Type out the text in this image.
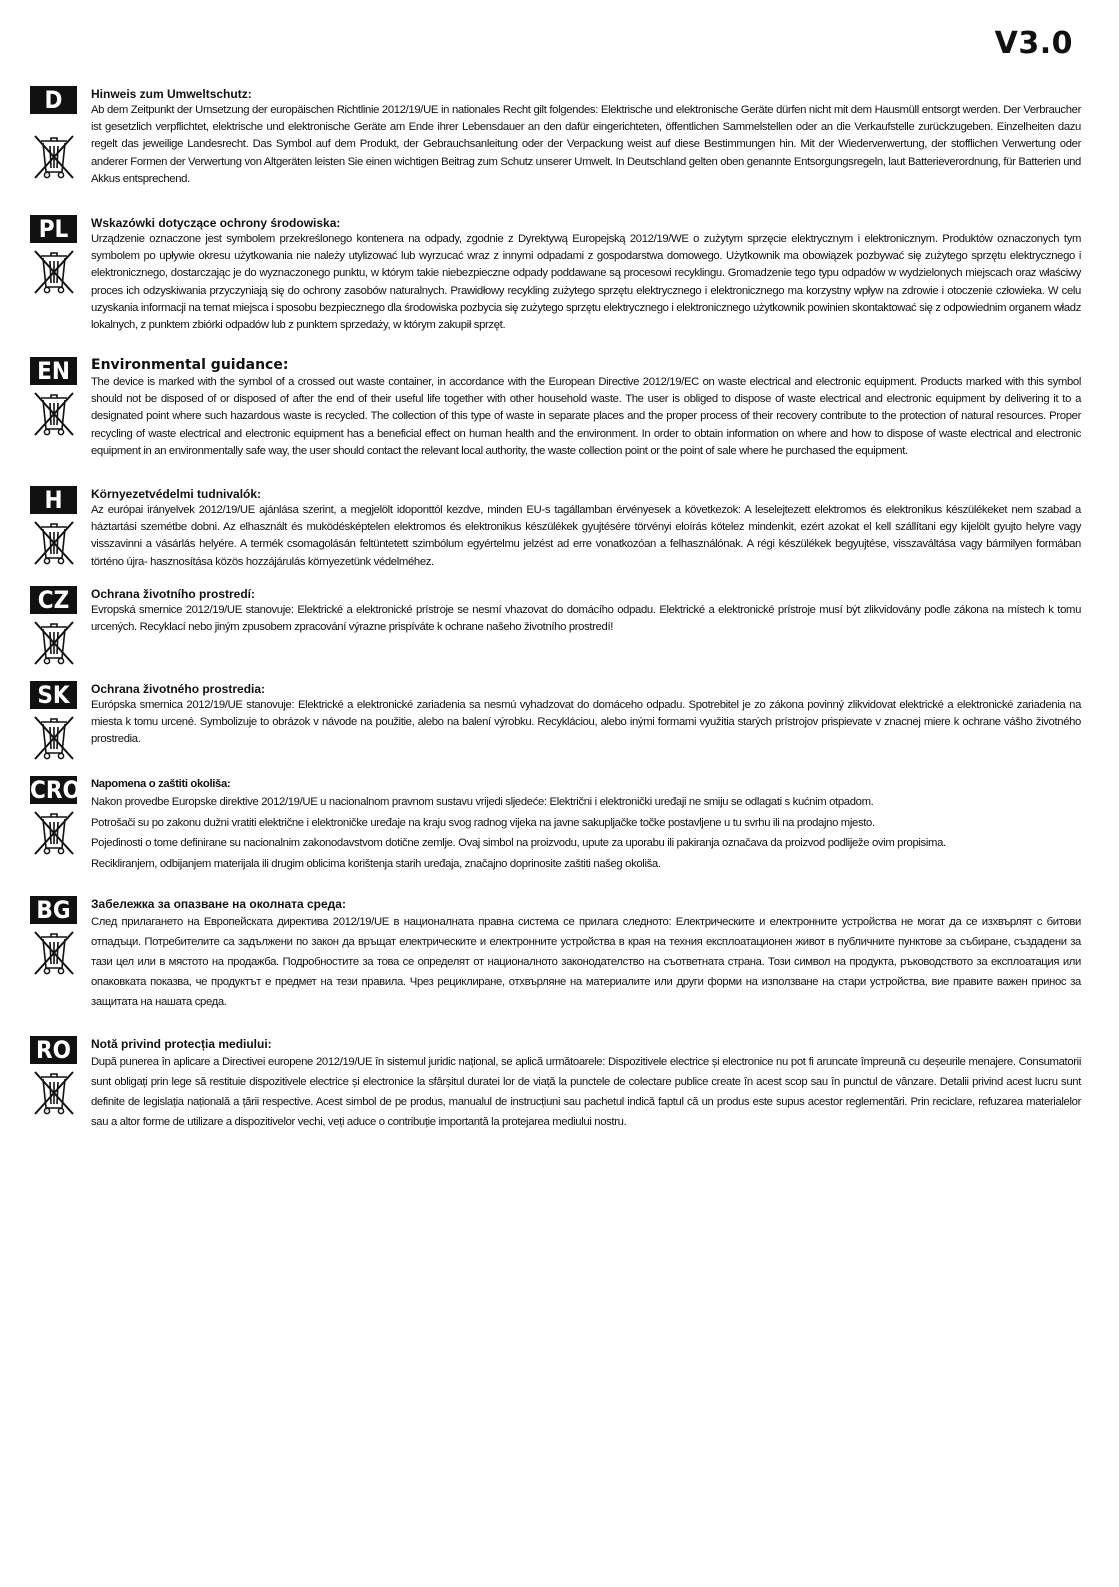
V3.0
D	Hinweis zum Umweltschutz:

Ab dem Zeitpunkt der Umsetzung der europäischen Richtlinie 2012/19/UE in nationales Recht gilt folgendes: Elektrische und elektronische Geräte dürfen nicht mit dem Hausmüll entsorgt werden. Der Verbraucher ist gesetzlich verpflichtet, elektrische und elektronische Geräte am Ende ihrer Lebensdauer an den dafür eingerichteten, öffentlichen Sammelstellen oder an die Verkaufstelle zurückzugeben. Einzelheiten dazu regelt das jeweilige Landesrecht. Das Symbol auf dem Produkt, der Gebrauchsanleitung oder der Verpackung weist auf diese Bestimmungen hin. Mit der Wiederverwertung, der stofflichen Verwertung oder anderer Formen der Verwertung von Altgeräten leisten Sie einen wichtigen Beitrag zum Schutz unserer Umwelt. In Deutschland gelten oben genannte Entsorgungsregeln, laut Batterieverordnung, für Batterien und Akkus entsprechend.

PL	Wskazówki dotyczące ochrony środowiska:

Urządzenie oznaczone jest symbolem przekreślonego kontenera na odpady, zgodnie z Dyrektywą Europejską 2012/19/WE o zużytym sprzęcie elektrycznym i elektronicznym. Produktów oznaczonych tym symbolem po upływie okresu użytkowania nie należy utylizować lub wyrzucać wraz z innymi odpadami z gospodarstwa domowego. Użytkownik ma obowiązek pozbywać się zużytego sprzętu elektrycznego i elektronicznego, dostarczając je do wyznaczonego punktu, w którym takie niebezpieczne odpady poddawane są procesowi recyklingu. Gromadzenie tego typu odpadów w wydzielonych miejscach oraz właściwy proces ich odzyskiwania przyczyniają się do ochrony zasobów naturalnych. Prawidłowy recykling zużytego sprzętu elektrycznego i elektronicznego ma korzystny wpływ na zdrowie i otoczenie człowieka. W celu uzyskania informacji na temat miejsca i sposobu bezpiecznego dla środowiska pozbycia się zużytego sprzętu elektrycznego i elektronicznego użytkownik powinien skontaktować się z odpowiednim organem władz lokalnych, z punktem zbiórki odpadów lub z punktem sprzedaży, w którym zakupił sprzęt.

EN	Environmental guidance:

The device is marked with the symbol of a crossed out waste container, in accordance with the European Directive 2012/19/EC on waste electrical and electronic equipment. Products marked with this symbol should not be disposed of or disposed of after the end of their useful life together with other household waste. The user is obliged to dispose of waste electrical and electronic equipment by delivering it to a designated point where such hazardous waste is recycled. The collection of this type of waste in separate places and the proper process of their recovery contribute to the protection of natural resources. Proper recycling of waste electrical and electronic equipment has a beneficial effect on human health and the environment. In order to obtain information on where and how to dispose of waste electrical and electronic equipment in an environmentally safe way, the user should contact the relevant local authority, the waste collection point or the point of sale where he purchased the equipment.

H	Környezetvédelmi tudnivalók:

Az európai irányelvek 2012/19/UE ajánlása szerint, a megjelölt idoponttól kezdve, minden EU-s tagállamban érvényesek a következok: A leselejtezett elektromos és elektronikus készülékeket nem szabad a háztartási szemétbe dobni. Az elhasznált és muködésképtelen elektromos és elektronikus készülékek gyujtésére törvényi eloírás kötelez mindenkit, ezért azokat el kell szállítani egy kijelölt gyujto helyre vagy visszavinni a vásárlás helyére. A termék csomagolásán feltüntetett szimbólum egyértelmu jelzést ad erre vonatkozóan a felhasználónak. A régi készülékek begyujtése, visszaváltása vagy bármilyen formában történo újra- hasznosítása közös hozzájárulás környezetünk védelméhez.

CZ	Ochrana životního prostredí:

Evropská smernice 2012/19/UE stanovuje: Elektrické a elektronické prístroje se nesmí vhazovat do domácího odpadu. Elektrické a elektronické prístroje musí být zlikvidovány podle zákona na místech k tomu urcených. Recyklací nebo jiným zpusobem zpracování výrazne prispíváte k ochrane našeho životního prostredí!

SK	Ochrana životného prostredia:

Európska smernica 2012/19/UE stanovuje: Elektrické a elektronické zariadenia sa nesmú vyhadzovat do domáceho odpadu. Spotrebitel je zo zákona povinný zlikvidovat elektrické a elektronické zariadenia na miesta k tomu urcené. Symbolizuje to obrázok v návode na použitie, alebo na balení výrobku. Recykláciou, alebo inými formami využitia starých prístrojov prispievate v znacnej miere k ochrane vášho životného prostredia.

CRO Napomena o zaštiti okoliša:

Nakon provedbe Europske direktive 2012/19/UE u nacionalnom pravnom sustavu vrijedi sljedeće: Električni i elektronički uređaji ne smiju se odlagati s kućnim otpadom.

Potrošači su po zakonu dužni vratiti električne i elektroničke uređaje na kraju svog radnog vijeka na javne sakupljačke točke postavljene u tu svrhu ili na prodajno mjesto.

Pojedinosti o tome definirane su nacionalnim zakonodavstvom dotične zemlje. Ovaj simbol na proizvodu, upute za uporabu ili pakiranja označava da proizvod podliježe ovim propisima.

Recikliranjem, odbijanjem materijala ili drugim oblicima korištenja starih uređaja, značajno doprinosite zaštiti našeg okoliša.

BG	Забележка за опазване на околната среда:

След прилагането на Европейската директива 2012/19/UE в националната правна система се прилага следното: Електрическите и електронните устройства не могат да се изхвърлят с битови отпадъци. Потребителите са задължени по закон да връщат електрическите и електронните устройства в края на техния експлоатационен живот в публичните пунктове за събиране, създадени за тази цел или в мястото на продажба. Подробностите за това се определят от националното законодателство на съответната страна. Този символ на продукта, ръководството за експлоатация или опаковката показва, че продуктът е предмет на тези правила. Чрез рециклиране, отхвърляне на материалите или други форми на използване на стари устройства, вие правите важен принос за защитата на нашата среда.

RO	Notă privind protecția mediului:

După punerea în aplicare a Directivei europene 2012/19/UE în sistemul juridic național, se aplică următoarele: Dispozitivele electrice și electronice nu pot fi aruncate împreună cu deșeurile menajere. Consumatorii sunt obligați prin lege să restituie dispozitivele electrice și electronice la sfârșitul duratei lor de viață la punctele de colectare publice create în acest scop sau în punctul de vânzare. Detalii privind acest lucru sunt definite de legislația națională a țării respective. Acest simbol de pe produs, manualul de instrucțiuni sau pachetul indică faptul că un produs este supus acestor reglementări. Prin reciclare, refuzarea materialelor sau a altor forme de utilizare a dispozitivelor vechi, veți aduce o contribuție importantă la protejarea mediului nostru.
